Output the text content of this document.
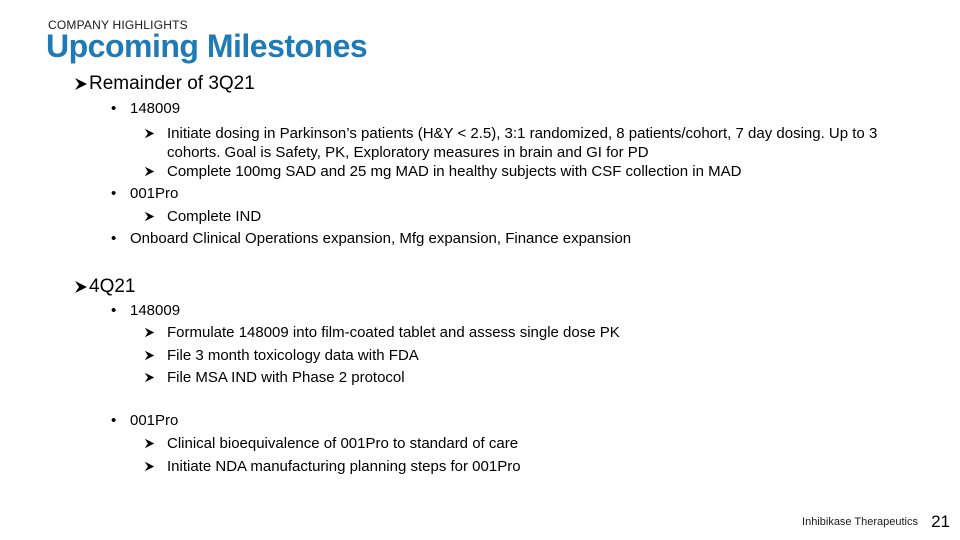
COMPANY HIGHLIGHTS
Upcoming Milestones
Remainder of 3Q21
• 148009
Initiate dosing in Parkinson’s patients (H&Y < 2.5), 3:1 randomized, 8 patients/cohort, 7 day dosing. Up to 3 cohorts. Goal is Safety, PK, Exploratory measures in brain and GI for PD
Complete 100mg SAD and 25 mg MAD in healthy subjects with CSF collection in MAD
• 001Pro
Complete IND
• Onboard Clinical Operations expansion, Mfg expansion, Finance expansion
4Q21
• 148009
Formulate 148009 into film-coated tablet and assess single dose PK
File 3 month toxicology data with FDA
File MSA IND with Phase 2 protocol
• 001Pro
Clinical bioequivalence of 001Pro to standard of care
Initiate NDA manufacturing planning steps for 001Pro
Inhibikase Therapeutics 21
